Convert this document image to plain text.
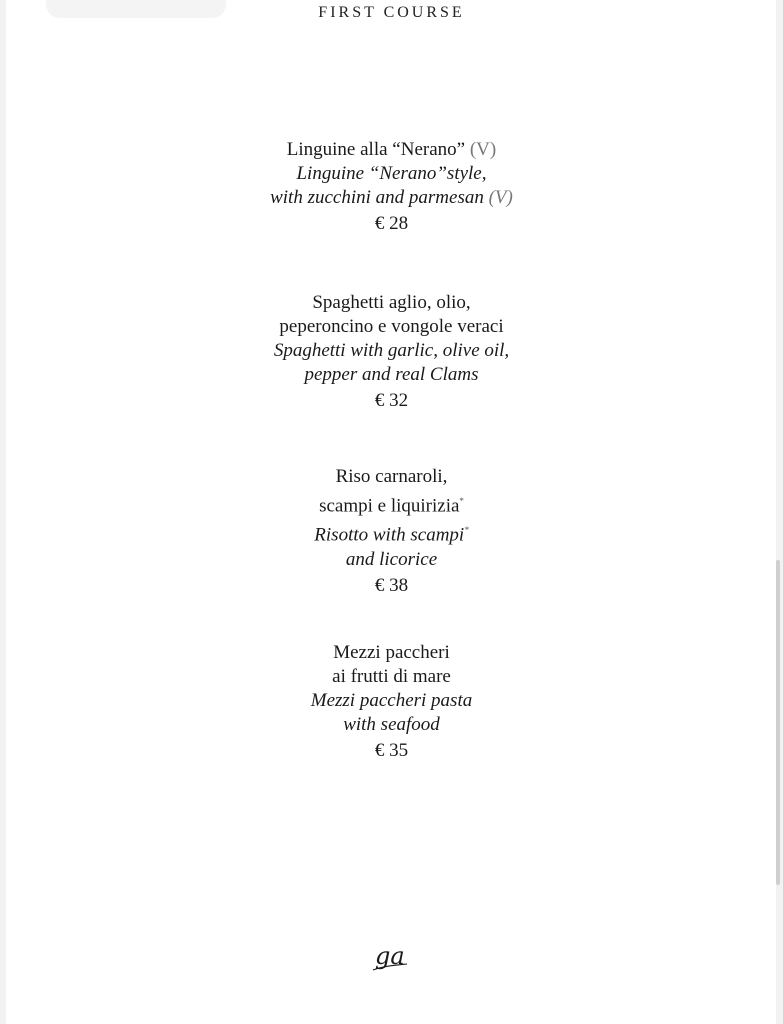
FIRST COURSE
Linguine alla “Nerano” (V)
Linguine “Nerano”style,
with zucchini and parmesan (V)
€ 28
Spaghetti aglio, olio,
peperoncino e vongole veraci
Spaghetti with garlic, olive oil,
pepper and real Clams
€ 32
Riso carnaroli,
scampi e liquirizia*
Risotto with scampi*
and licorice
€ 38
Mezzi paccheri
ai frutti di mare
Mezzi paccheri pasta
with seafood
€ 35
ga
